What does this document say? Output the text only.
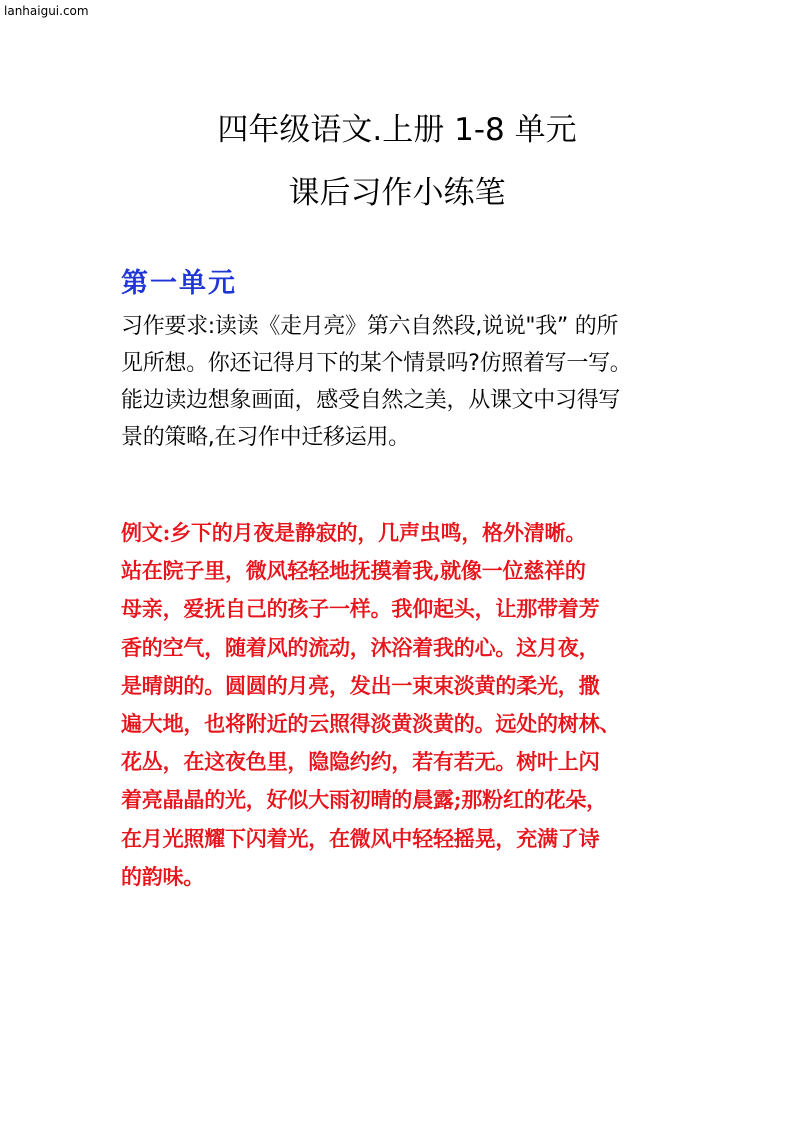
lanhaigui.com
四年级语文.上册 1-8 单元
课后习作小练笔
第一单元
习作要求:读读《走月亮》第六自然段,说说"我” 的所
见所想。你还记得月下的某个情景吗?仿照着写一写。
能边读边想象画面，感受自然之美，从课文中习得写
景的策略,在习作中迁移运用。
例文:乡下的月夜是静寂的，几声虫鸣，格外清晰。
站在院子里，微风轻轻地抚摸着我,就像一位慈祥的
母亲，爱抚自己的孩子一样。我仰起头，让那带着芳
香的空气，随着风的流动，沐浴着我的心。这月夜，
是晴朗的。圆圆的月亮，发出一束束淡黄的柔光，撒
遍大地，也将附近的云照得淡黄淡黄的。远处的树林、
花丛，在这夜色里，隐隐约约，若有若无。树叶上闪
着亮晶晶的光，好似大雨初晴的晨露;那粉红的花朵，
在月光照耀下闪着光，在微风中轻轻摇晃，充满了诗
的韵味。
